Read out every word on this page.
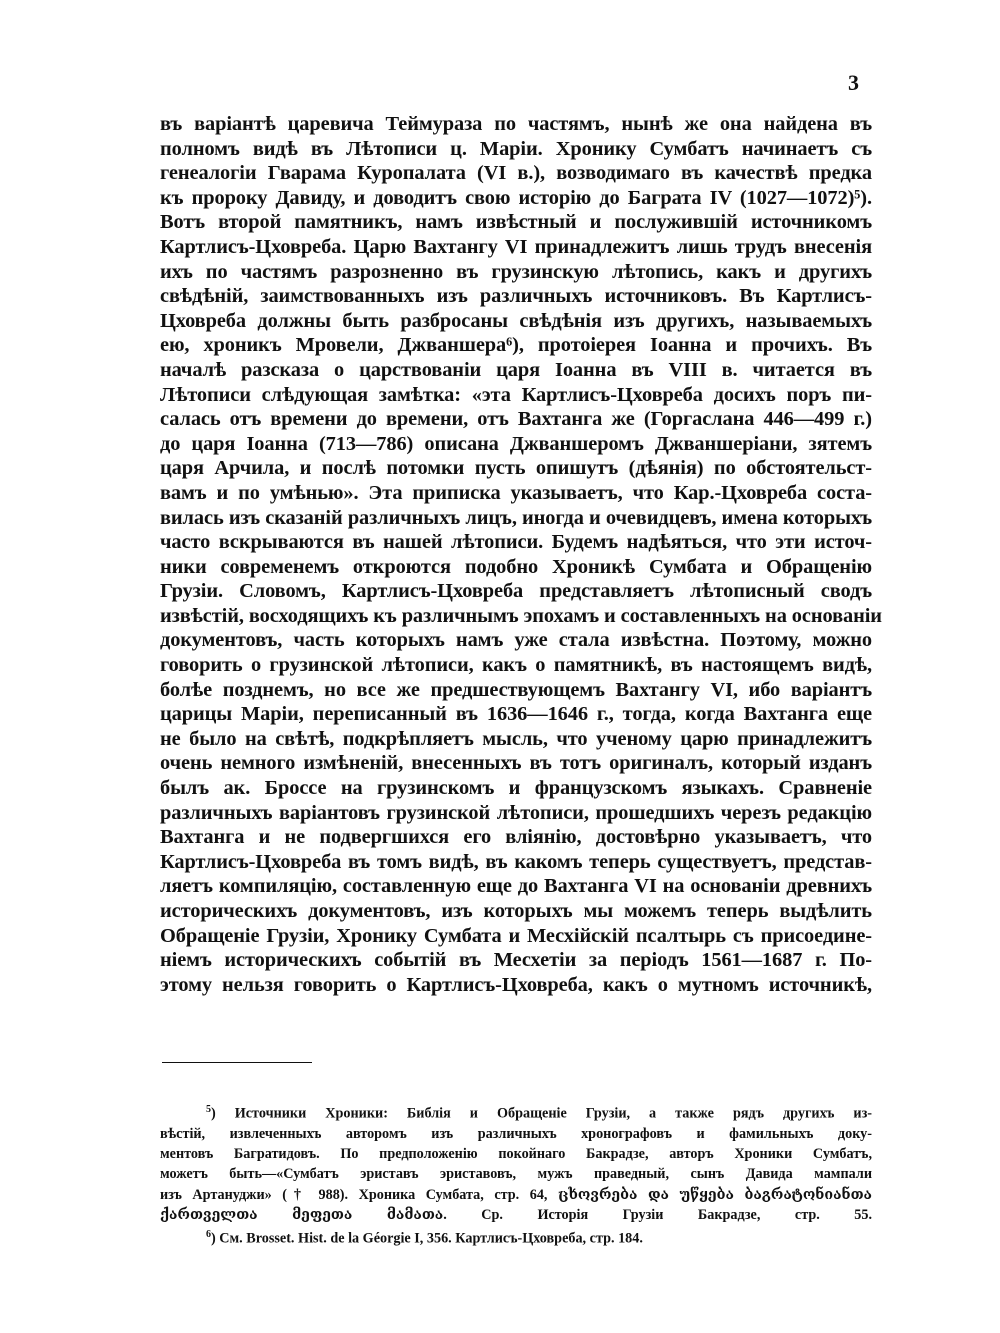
3
въ вapiaнтѣ царевича Теймураза по частямъ, нынѣ же она найдена въ
полномъ видѣ въ Лѣтописи ц. Mapiи. Хронику Сумбатъ начинаетъ съ
генеалогіи Гварама Куропалата (VI в.), возводимаго въ качествѣ предка
къ пророку Давиду, и доводитъ свою исторію до Баграта IV (1027—1072)⁵).
Вотъ второй памятникъ, намъ извѣстный и послужившій источникомъ
Картлисъ-Цховреба. Царю Вахтангу VI принадлежитъ лишь трудъ внесенія
ихъ по частямъ разрозненно въ грузинскую лѣтопись, какъ и другихъ
свѣдѣній, заимствованныхъ изъ различныхъ источниковъ. Въ Картлисъ-
Цховреба должны быть разбросаны свѣдѣнія изъ другихъ, называемыхъ
ею, хроникъ Мровели, Джваншера⁶), протоіерея Іоанна и прочихъ. Въ
началѣ разсказа о царствованіи царя Іоанна въ VIII в. читается въ
Лѣтописи слѣдующая замѣтка: «эта Картлисъ-Цховреба досихъ поръ пи-
салась отъ времени до времени, отъ Вахтанга же (Горгаслана 446—499 г.)
до царя Іоанна (713—786) описана Джваншеромъ Джваншеріани, зятемъ
царя Арчила, и послѣ потомки пусть опишутъ (дѣянія) по обстоятельст-
вамъ и по умѣнью». Эта приписка указываетъ, что Кар.-Цховреба соста-
вилась изъ сказаній различныхъ лицъ, иногда и очевидцевъ, имена которыхъ
часто вскрываются въ нашей лѣтописи. Будемъ надѣяться, что эти источ-
ники современемъ откроются подобно Хроникѣ Сумбата и Обращенію
Грузіи. Словомъ, Картлисъ-Цховреба представляетъ лѣтописный сводъ
извѣстій, восходящихъ къ различнымъ эпохамъ и составленныхъ на основаніи
документовъ, часть которыхъ намъ уже стала извѣстна. Поэтому, можно
говорить о грузинской лѣтописи, какъ о памятникѣ, въ настоящемъ видѣ,
болѣе позднемъ, но все же предшествующемъ Вахтангу VI, ибо вapiaнтъ
царицы Маріи, переписанный въ 1636—1646 г., тогда, когда Вахтанга еще
не было на свѣтѣ, подкрѣпляетъ мысль, что ученому царю принадлежитъ
очень немного измѣненій, внесенныхъ въ тотъ оригиналъ, который изданъ
былъ ак. Броссе на грузинскомъ и французскомъ языкахъ. Сравненіе
различныхъ варіантовъ грузинской лѣтописи, прошедшихъ черезъ редакцію
Вахтанга и не подвергшихся его вліянію, достовѣрно указываетъ, что
Картлисъ-Цховреба въ томъ видѣ, въ какомъ теперь существуетъ, представ-
ляетъ компиляцію, составленную еще до Вахтанга VI на основаніи древнихъ
историческихъ документовъ, изъ которыхъ мы можемъ теперь выдѣлить
Обращеніе Грузіи, Хронику Сумбата и Месхійскій псалтырь съ присоедине-
ніемъ историческихъ событій въ Месхетіи за періодъ 1561—1687 г. По-
этому нельзя говорить о Картлисъ-Цховреба, какъ о мутномъ источникѣ,
$^5$) Источники Хроники: Библія и Обращеніе Грузіи, а также рядъ другихъ из-
вѣстій, извлеченныхъ авторомъ изъ различныхъ хронографовъ и фамильныхъ доку-
ментовъ Багратидовъ. По предположенію покойнаго Бакрадзе, авторъ Хроники Сумбатъ,
можетъ быть—«Сумбатъ эриставъ эриставовъ, мужъ праведный, сынъ Давида мампали
изъ Артануджи» († 988). Хроника Сумбата, стр. 64, ცხოვრება და უწყება ბაგრატონიანთა
ქართველთა მეფეთა მამათა. Ср. Исторія Грузіи Бакрадзе, стр. 55.
$^6$) См. Brosset. Hist. de la Géorgie I, 356. Картлисъ-Цховреба, стр. 184.
